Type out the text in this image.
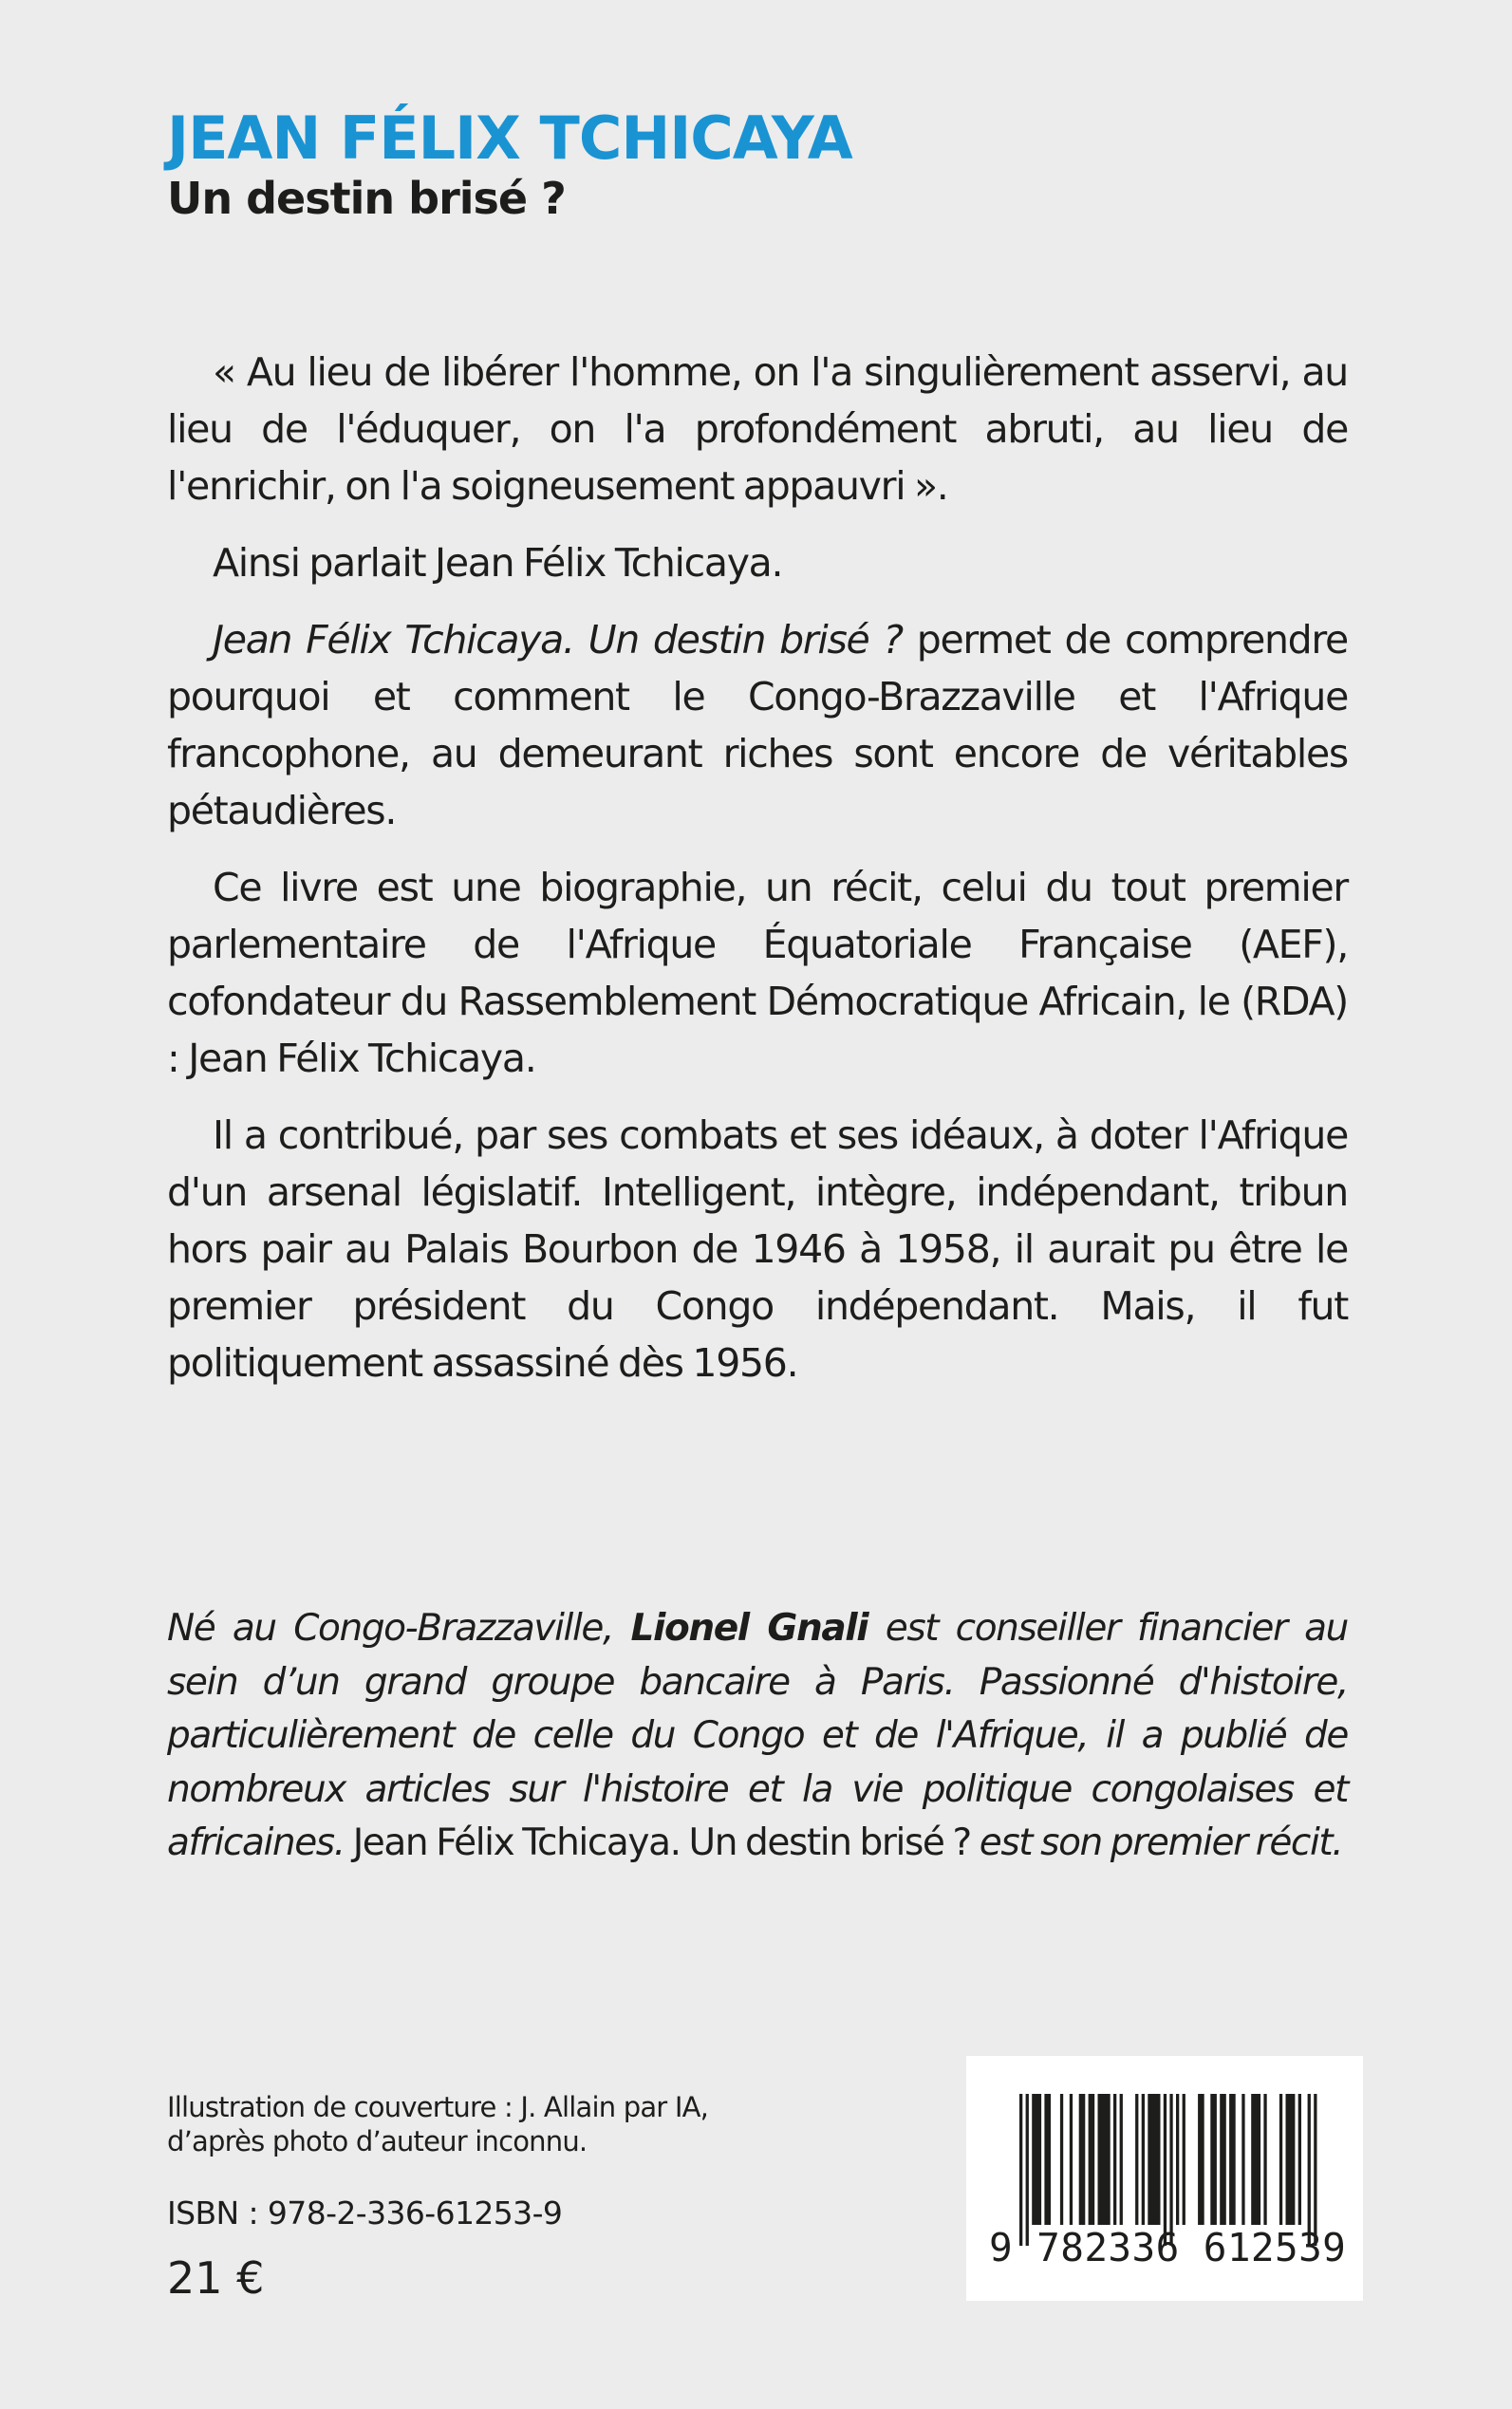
JEAN FÉLIX TCHICAYA
Un destin brisé ?

« Au lieu de libérer l'homme, on l'a singulièrement asservi, au lieu de l'éduquer, on l'a profondément abruti, au lieu de l'enrichir, on l'a soigneusement appauvri ».

Ainsi parlait Jean Félix Tchicaya.

Jean Félix Tchicaya. Un destin brisé ? permet de comprendre pourquoi et comment le Congo-Brazzaville et l'Afrique francophone, au demeurant riches sont encore de véritables pétaudières.

Ce livre est une biographie, un récit, celui du tout premier parlementaire de l'Afrique Équatoriale Française (AEF), cofondateur du Rassemblement Démocratique Africain, le (RDA) : Jean Félix Tchicaya.

Il a contribué, par ses combats et ses idéaux, à doter l'Afrique d'un arsenal législatif. Intelligent, intègre, indépendant, tribun hors pair au Palais Bourbon de 1946 à 1958, il aurait pu être le premier président du Congo indépendant. Mais, il fut politiquement assassiné dès 1956.

Né au Congo-Brazzaville, Lionel Gnali est conseiller financier au sein d’un grand groupe bancaire à Paris. Passionné d'histoire, particulièrement de celle du Congo et de l'Afrique, il a publié de nombreux articles sur l'histoire et la vie politique congolaises et africaines. Jean Félix Tchicaya. Un destin brisé ? est son premier récit.

Illustration de couverture : J. Allain par IA,
d’après photo d’auteur inconnu.

ISBN : 978-2-336-61253-9

21 €

9 782336 612539
